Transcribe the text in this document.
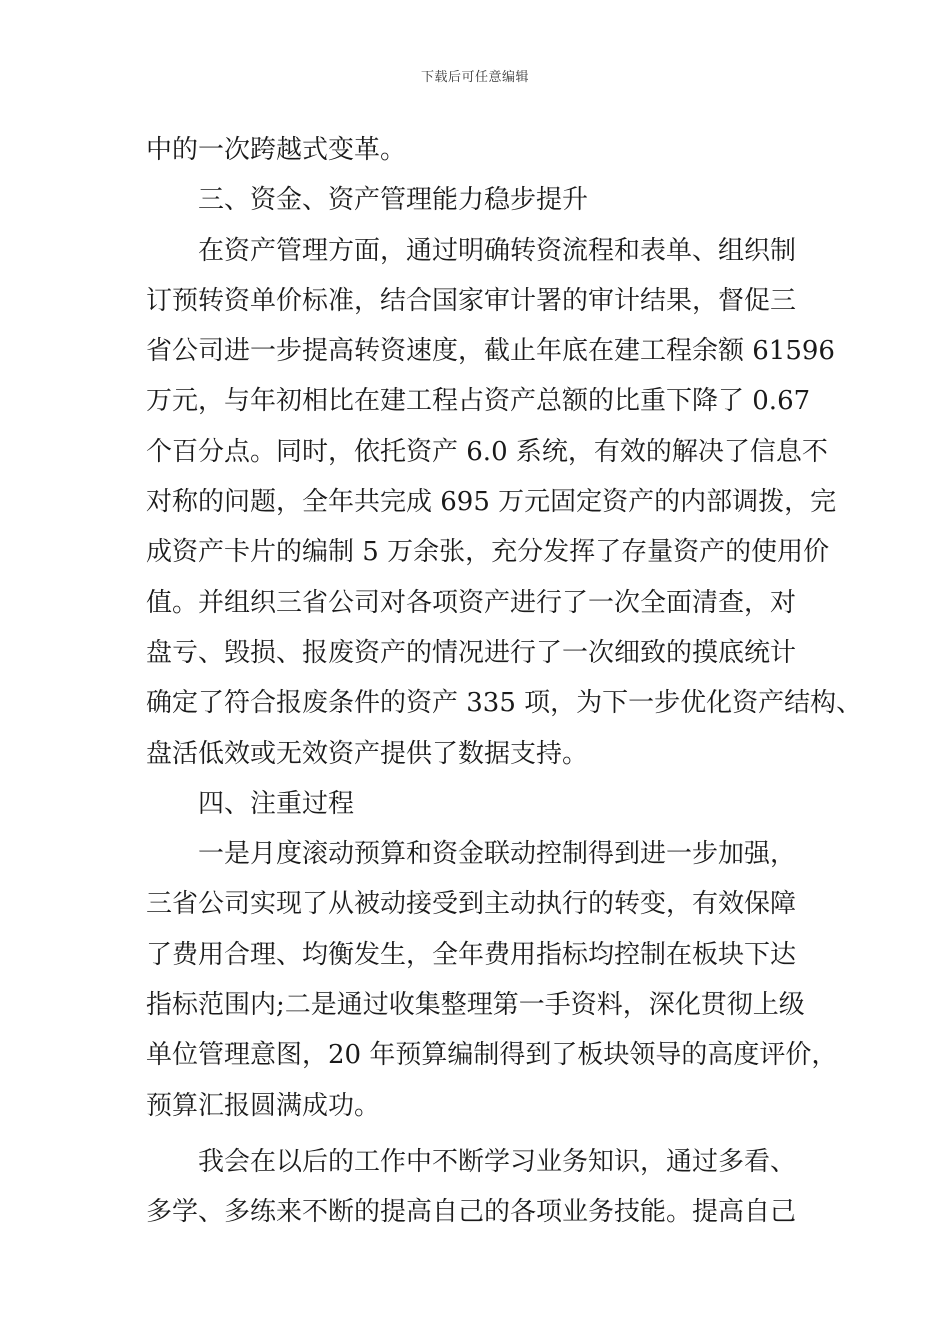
下载后可任意编辑
中的一次跨越式变革。
三、资金、资产管理能力稳步提升
在资产管理方面，通过明确转资流程和表单、组织制
订预转资单价标准，结合国家审计署的审计结果，督促三
省公司进一步提高转资速度，截止年底在建工程余额 61596
万元，与年初相比在建工程占资产总额的比重下降了 0.67
个百分点。同时，依托资产 6.0 系统，有效的解决了信息不
对称的问题，全年共完成 695 万元固定资产的内部调拨，完
成资产卡片的编制 5 万余张，充分发挥了存量资产的使用价
值。并组织三省公司对各项资产进行了一次全面清查，对
盘亏、毁损、报废资产的情况进行了一次细致的摸底统计
确定了符合报废条件的资产 335 项，为下一步优化资产结构、
盘活低效或无效资产提供了数据支持。
四、注重过程
一是月度滚动预算和资金联动控制得到进一步加强，
三省公司实现了从被动接受到主动执行的转变，有效保障
了费用合理、均衡发生，全年费用指标均控制在板块下达
指标范围内;二是通过收集整理第一手资料，深化贯彻上级
单位管理意图，20 年预算编制得到了板块领导的高度评价，
预算汇报圆满成功。
我会在以后的工作中不断学习业务知识，通过多看、
多学、多练来不断的提高自己的各项业务技能。提高自己
